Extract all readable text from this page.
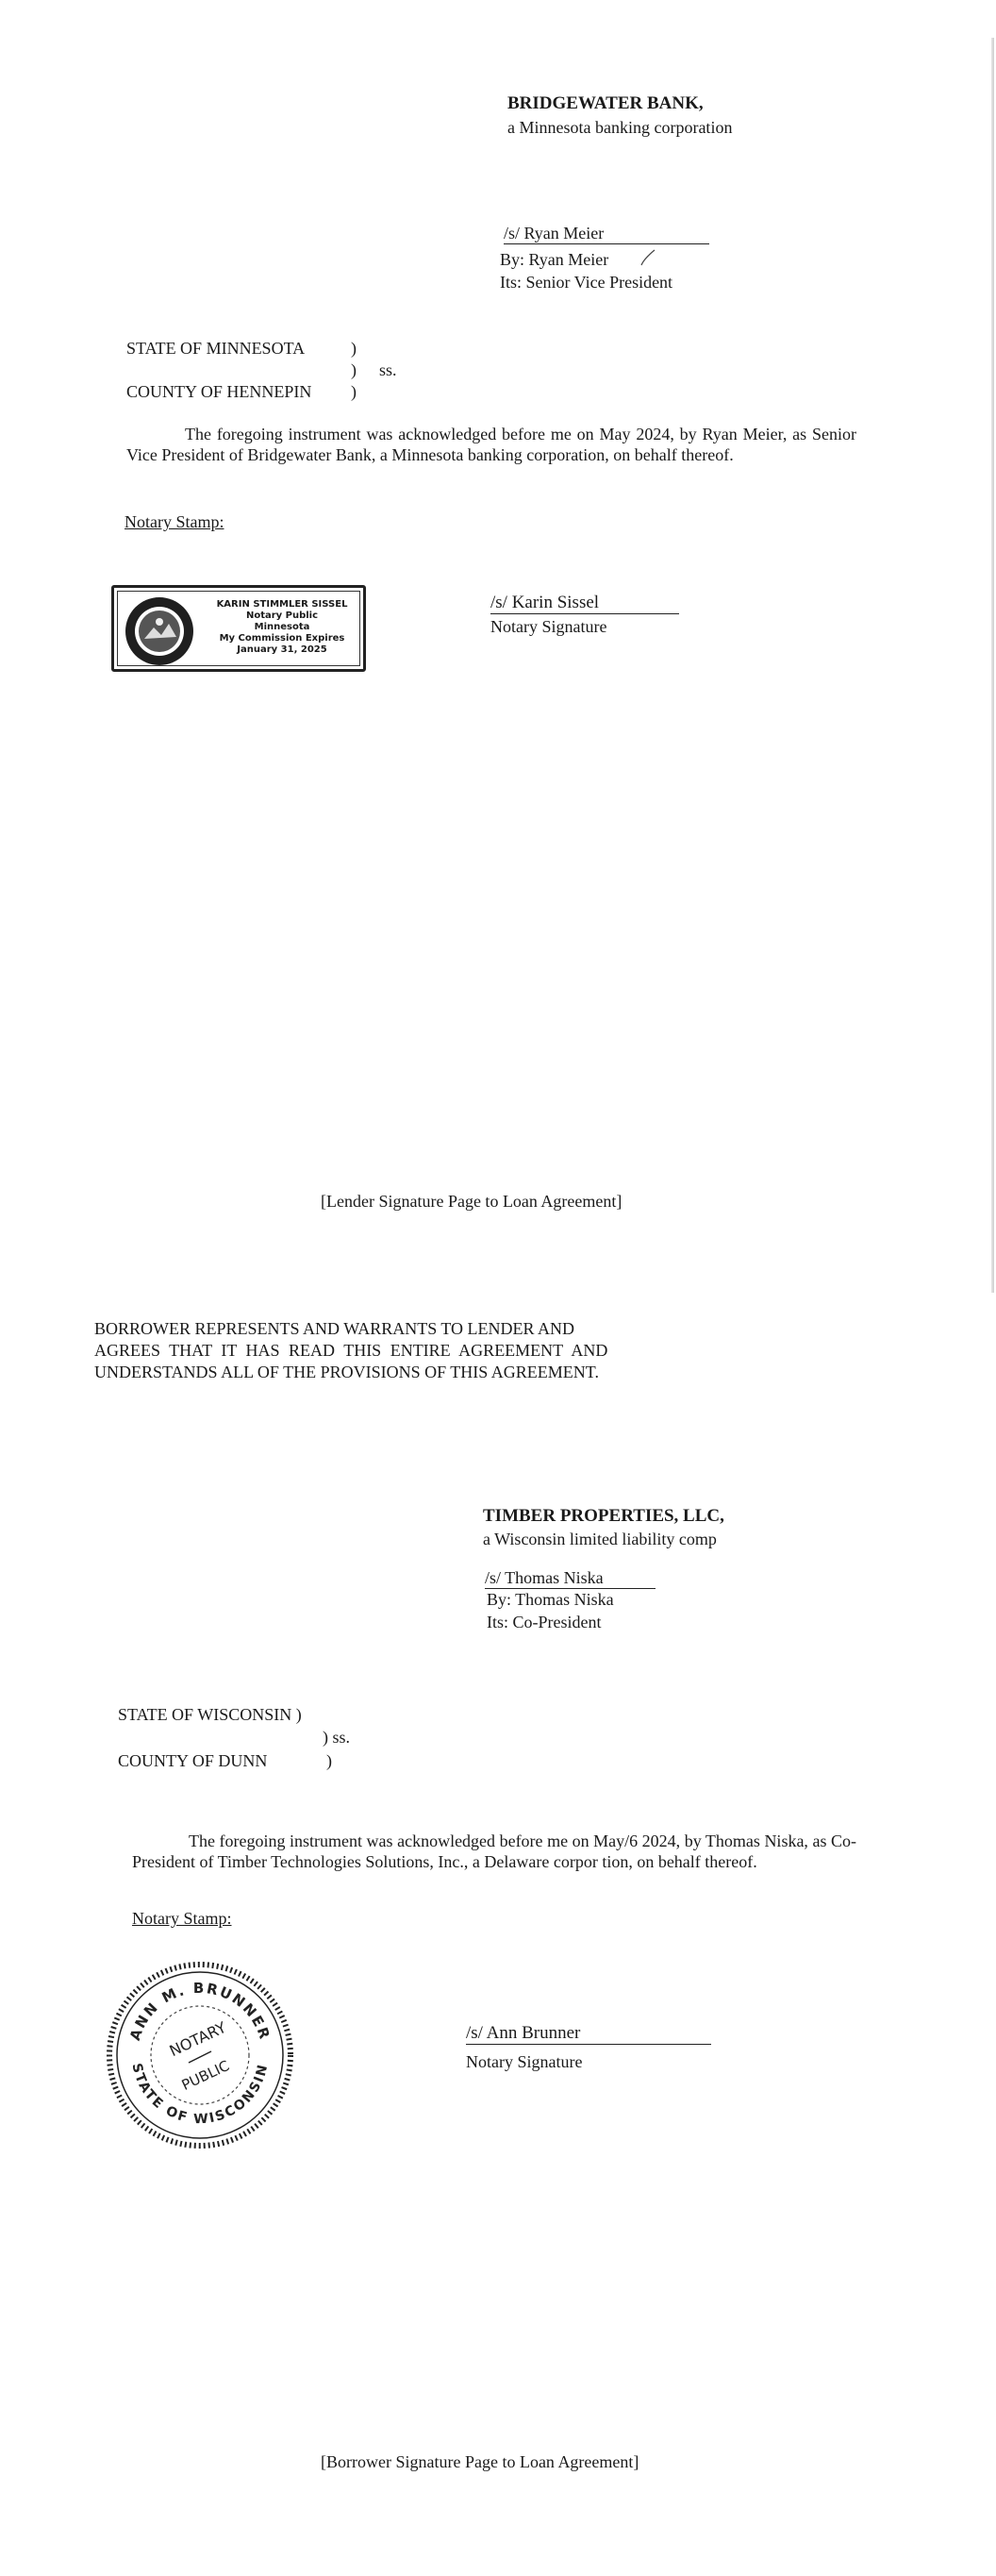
BRIDGEWATER BANK,
a Minnesota banking corporation
/s/ Ryan Meier
By: Ryan Meier
Its: Senior Vice President
STATE OF MINNESOTA	)
) ss.
COUNTY OF HENNEPIN )
The foregoing instrument was acknowledged before me on May 2024, by Ryan Meier, as Senior Vice President of Bridgewater Bank, a Minnesota banking corporation, on behalf thereof.
Notary Stamp:
KARIN STIMMLER SISSEL
Notary Public
Minnesota
My Commission Expires
January 31, 2025
/s/ Karin Sissel
Notary Signature
[Lender Signature Page to Loan Agreement]
BORROWER REPRESENTS AND WARRANTS TO LENDER AND
AGREES THAT IT HAS READ THIS ENTIRE AGREEMENT AND
UNDERSTANDS ALL OF THE PROVISIONS OF THIS AGREEMENT.
TIMBER PROPERTIES, LLC,
a Wisconsin limited liability comp
/s/ Thomas Niska
By: Thomas Niska
Its: Co-President
STATE OF WISCONSIN )
) ss.
COUNTY OF DUNN	)
The foregoing instrument was acknowledged before me on May/6 2024, by Thomas Niska, as Co-President of Timber Technologies Solutions, Inc., a Delaware corpor tion, on behalf thereof.
Notary Stamp:
ANN M. BRUNNER
STATE OF WISCONSIN
NOTARY
PUBLIC
/s/ Ann Brunner
Notary Signature
[Borrower Signature Page to Loan Agreement]
